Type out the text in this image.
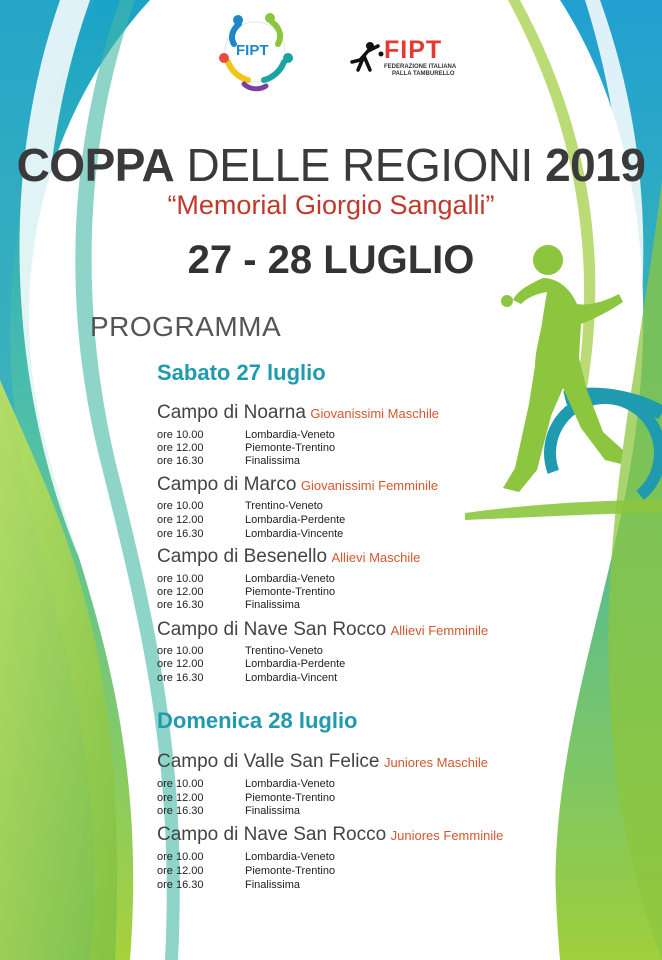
FIPT	FIPT
FEDERAZIONE ITALIANA
PALLA TAMBURELLO
COPPA DELLE REGIONI 2019
“Memorial Giorgio Sangalli”
27 - 28 LUGLIO
PROGRAMMA
Sabato 27 luglio
Campo di Noarna Giovanissimi Maschile
ore 10.00	Lombardia-Veneto
ore 12.00	Piemonte-Trentino
ore 16.30	Finalissima
Campo di Marco Giovanissimi Femminile
ore 10.00	Trentino-Veneto
ore 12.00	Lombardia-Perdente
ore 16.30	Lombardia-Vincente
Campo di Besenello Allievi Maschile
ore 10.00	Lombardia-Veneto
ore 12.00	Piemonte-Trentino
ore 16.30	Finalissima
Campo di Nave San Rocco Allievi Femminile
ore 10.00	Trentino-Veneto
ore 12.00	Lombardia-Perdente
ore 16.30	Lombardia-Vincent
Domenica 28 luglio
Campo di Valle San Felice Juniores Maschile
ore 10.00	Lombardia-Veneto
ore 12.00	Piemonte-Trentino
ore 16.30	Finalissima
Campo di Nave San Rocco Juniores Femminile
ore 10.00	Lombardia-Veneto
ore 12.00	Piemonte-Trentino
ore 16.30	Finalissima
